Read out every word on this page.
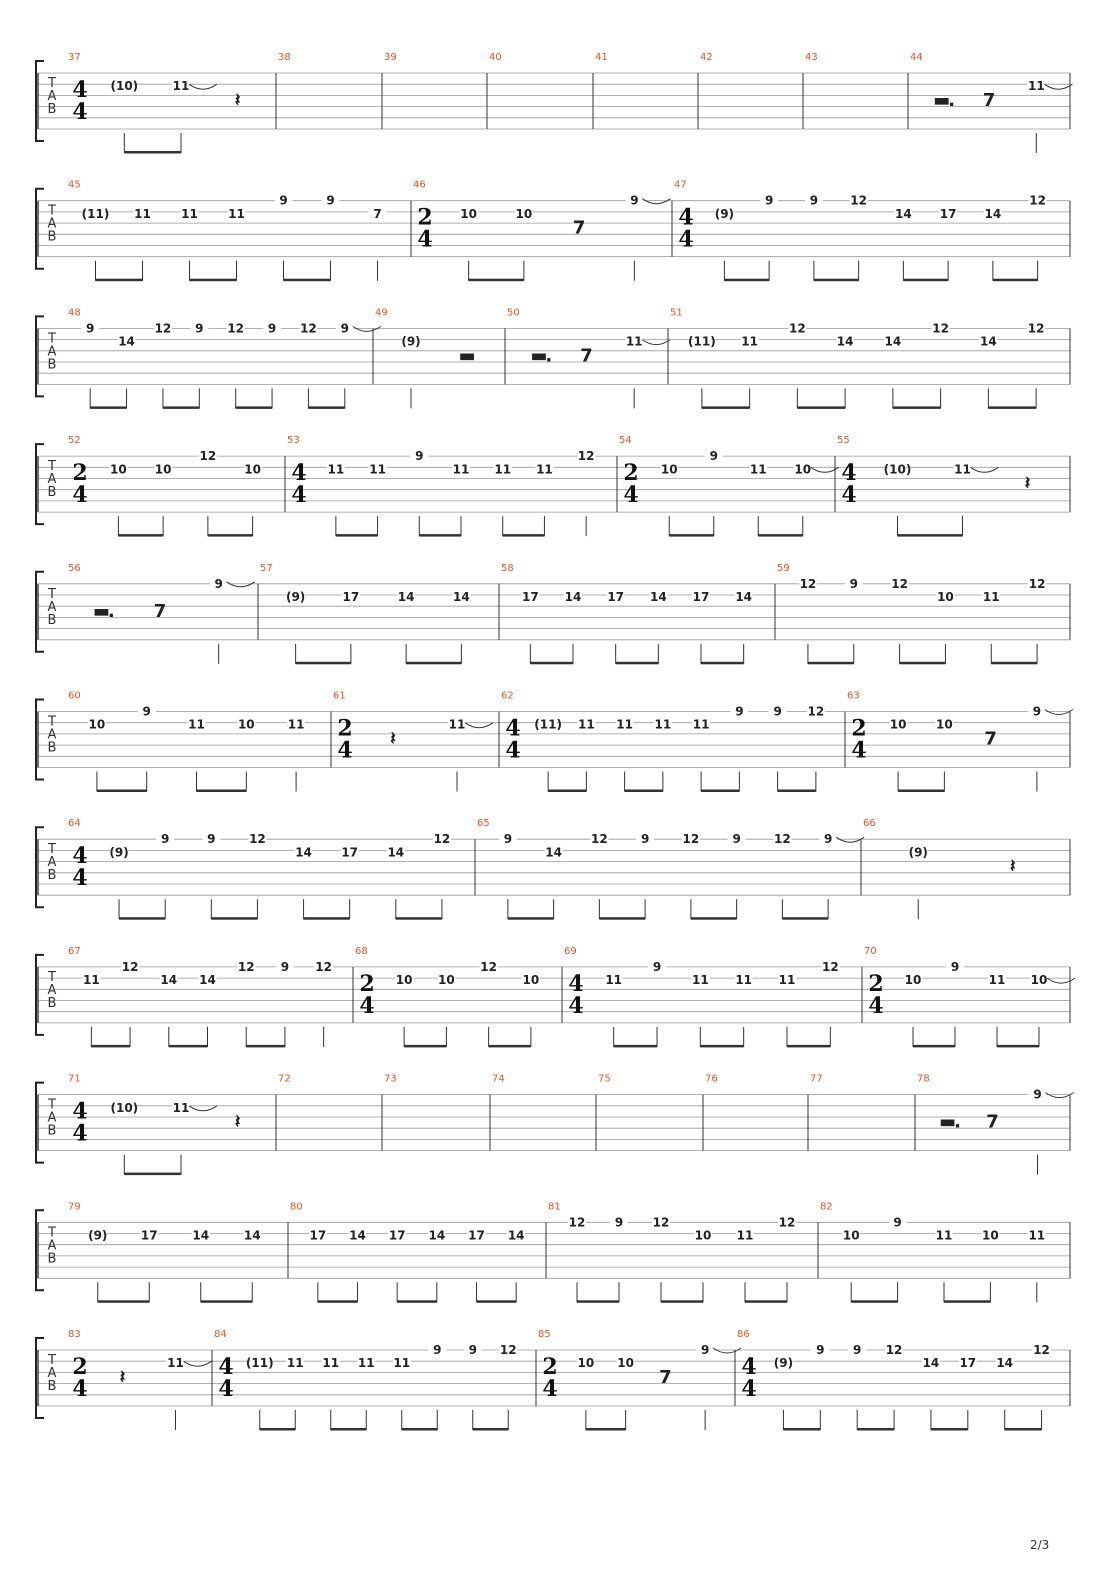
T
A
B
37
4
4
(10)	11
𝄽
38	39	40	41	42	43	44
▬
. 7
11
T
A
B
45
(11) 11	11	11
9	9
7
46
2
4
10	10
7
9
47
4
4
(9)
9	9	12
14 17 14
12
T
A
B
48
9
14
12 9 12 9 12 9
49
(9)
▬
50
▬
. 7
11
51
(11) 11
12
14	14
12
14
12
T
A
B
52
2
4
10 10
12
10
53
4
4
11 11
9
11 11 11
12
54
2
4
10
9
11 10
55
4
4
(10)	11
𝄽
T
A
B
56
▬
. 7
9
57
(9)	17	14	14
58
17 14 17 14 17 14
59
12	9	12
10 11
12
T
A
B
60
10
9
11	10	11
61
2
4 𝄽
11
62
4
4
(11) 11 11 11 11
9 9 12
63
2
4
10 10
7
9
T
A
B
64
4
4
(9)
9	9	12
14 17 14
12
65
9
14
12	9	12	9	12	9
66
(9)
𝄽
T
A
B
67
11
12
14 14
12 9 12
68
2
4
10 10
12
10
69
4
4
11
9
11 11 11
12
70
2
4
10
9
11 10
T
A
B
71
4
4
(10)	11
𝄽
72	73	74	75	76	77	78
▬
. 7
9
T
A
B
79
(9)	17	14	14
80
17 14 17 14 17 14
81
12 9 12
10 11
12
82
10
9
11 10 11
T
A
B
83
2
4 𝄽
11
84
4
4
(11) 11 11 11 11
9 9 12
85
2
4
10 10
7
9
86
4
4
(9)
9 9 12
14 17 14
12
2/3
